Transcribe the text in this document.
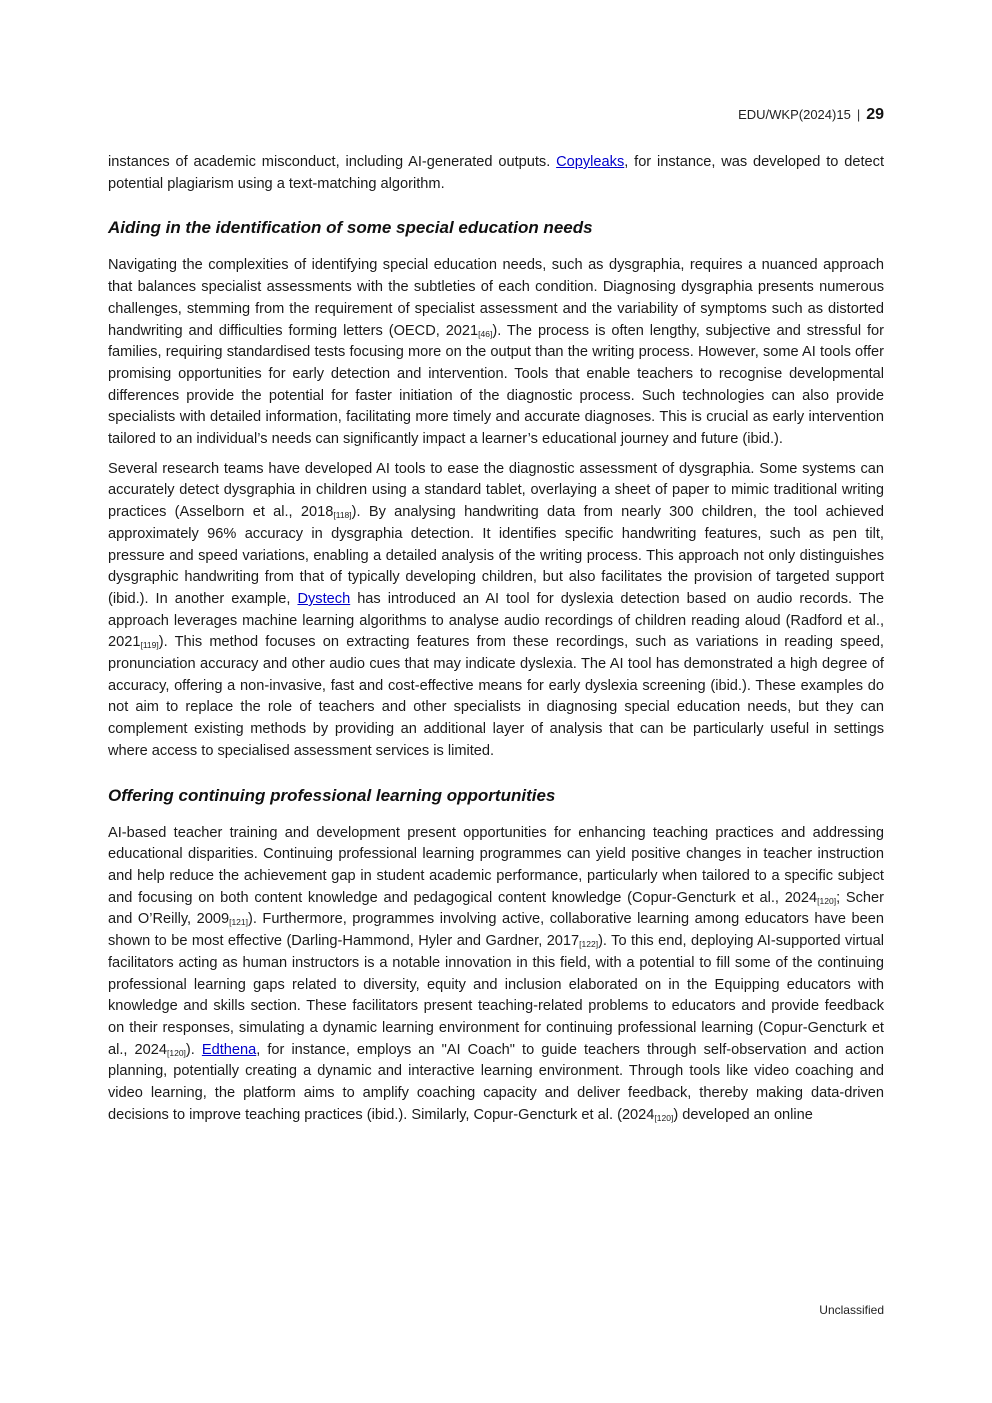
EDU/WKP(2024)15 | 29

instances of academic misconduct, including AI-generated outputs. Copyleaks, for instance, was developed to detect potential plagiarism using a text-matching algorithm.

Aiding in the identification of some special education needs

Navigating the complexities of identifying special education needs, such as dysgraphia, requires a nuanced approach that balances specialist assessments with the subtleties of each condition. Diagnosing dysgraphia presents numerous challenges, stemming from the requirement of specialist assessment and the variability of symptoms such as distorted handwriting and difficulties forming letters (OECD, $2021_{[46]}$). The process is often lengthy, subjective and stressful for families, requiring standardised tests focusing more on the output than the writing process. However, some AI tools offer promising opportunities for early detection and intervention. Tools that enable teachers to recognise developmental differences provide the potential for faster initiation of the diagnostic process. Such technologies can also provide specialists with detailed information, facilitating more timely and accurate diagnoses. This is crucial as early intervention tailored to an individual’s needs can significantly impact a learner’s educational journey and future (ibid.).

Several research teams have developed AI tools to ease the diagnostic assessment of dysgraphia. Some systems can accurately detect dysgraphia in children using a standard tablet, overlaying a sheet of paper to mimic traditional writing practices (Asselborn et al., $2018_{[118]}$). By analysing handwriting data from nearly 300 children, the tool achieved approximately 96% accuracy in dysgraphia detection. It identifies specific handwriting features, such as pen tilt, pressure and speed variations, enabling a detailed analysis of the writing process. This approach not only distinguishes dysgraphic handwriting from that of typically developing children, but also facilitates the provision of targeted support (ibid.). In another example, Dystech has introduced an AI tool for dyslexia detection based on audio records. The approach leverages machine learning algorithms to analyse audio recordings of children reading aloud (Radford et al., $2021_{[119]}$). This method focuses on extracting features from these recordings, such as variations in reading speed, pronunciation accuracy and other audio cues that may indicate dyslexia. The AI tool has demonstrated a high degree of accuracy, offering a non-invasive, fast and cost-effective means for early dyslexia screening (ibid.). These examples do not aim to replace the role of teachers and other specialists in diagnosing special education needs, but they can complement existing methods by providing an additional layer of analysis that can be particularly useful in settings where access to specialised assessment services is limited.

Offering continuing professional learning opportunities

AI-based teacher training and development present opportunities for enhancing teaching practices and addressing educational disparities. Continuing professional learning programmes can yield positive changes in teacher instruction and help reduce the achievement gap in student academic performance, particularly when tailored to a specific subject and focusing on both content knowledge and pedagogical content knowledge (Copur-Gencturk et al., $2024_{[120]}$; Scher and O’Reilly, $2009_{[121]}$). Furthermore, programmes involving active, collaborative learning among educators have been shown to be most effective (Darling-Hammond, Hyler and Gardner, $2017_{[122]}$). To this end, deploying AI-supported virtual facilitators acting as human instructors is a notable innovation in this field, with a potential to fill some of the continuing professional learning gaps related to diversity, equity and inclusion elaborated on in the Equipping educators with knowledge and skills section. These facilitators present teaching-related problems to educators and provide feedback on their responses, simulating a dynamic learning environment for continuing professional learning (Copur-Gencturk et al., $2024_{[120]}$). Edthena, for instance, employs an "AI Coach" to guide teachers through self-observation and action planning, potentially creating a dynamic and interactive learning environment. Through tools like video coaching and video learning, the platform aims to amplify coaching capacity and deliver feedback, thereby making data-driven decisions to improve teaching practices (ibid.). Similarly, Copur-Gencturk et al. $(2024_{[120]})$ developed an online

Unclassified
